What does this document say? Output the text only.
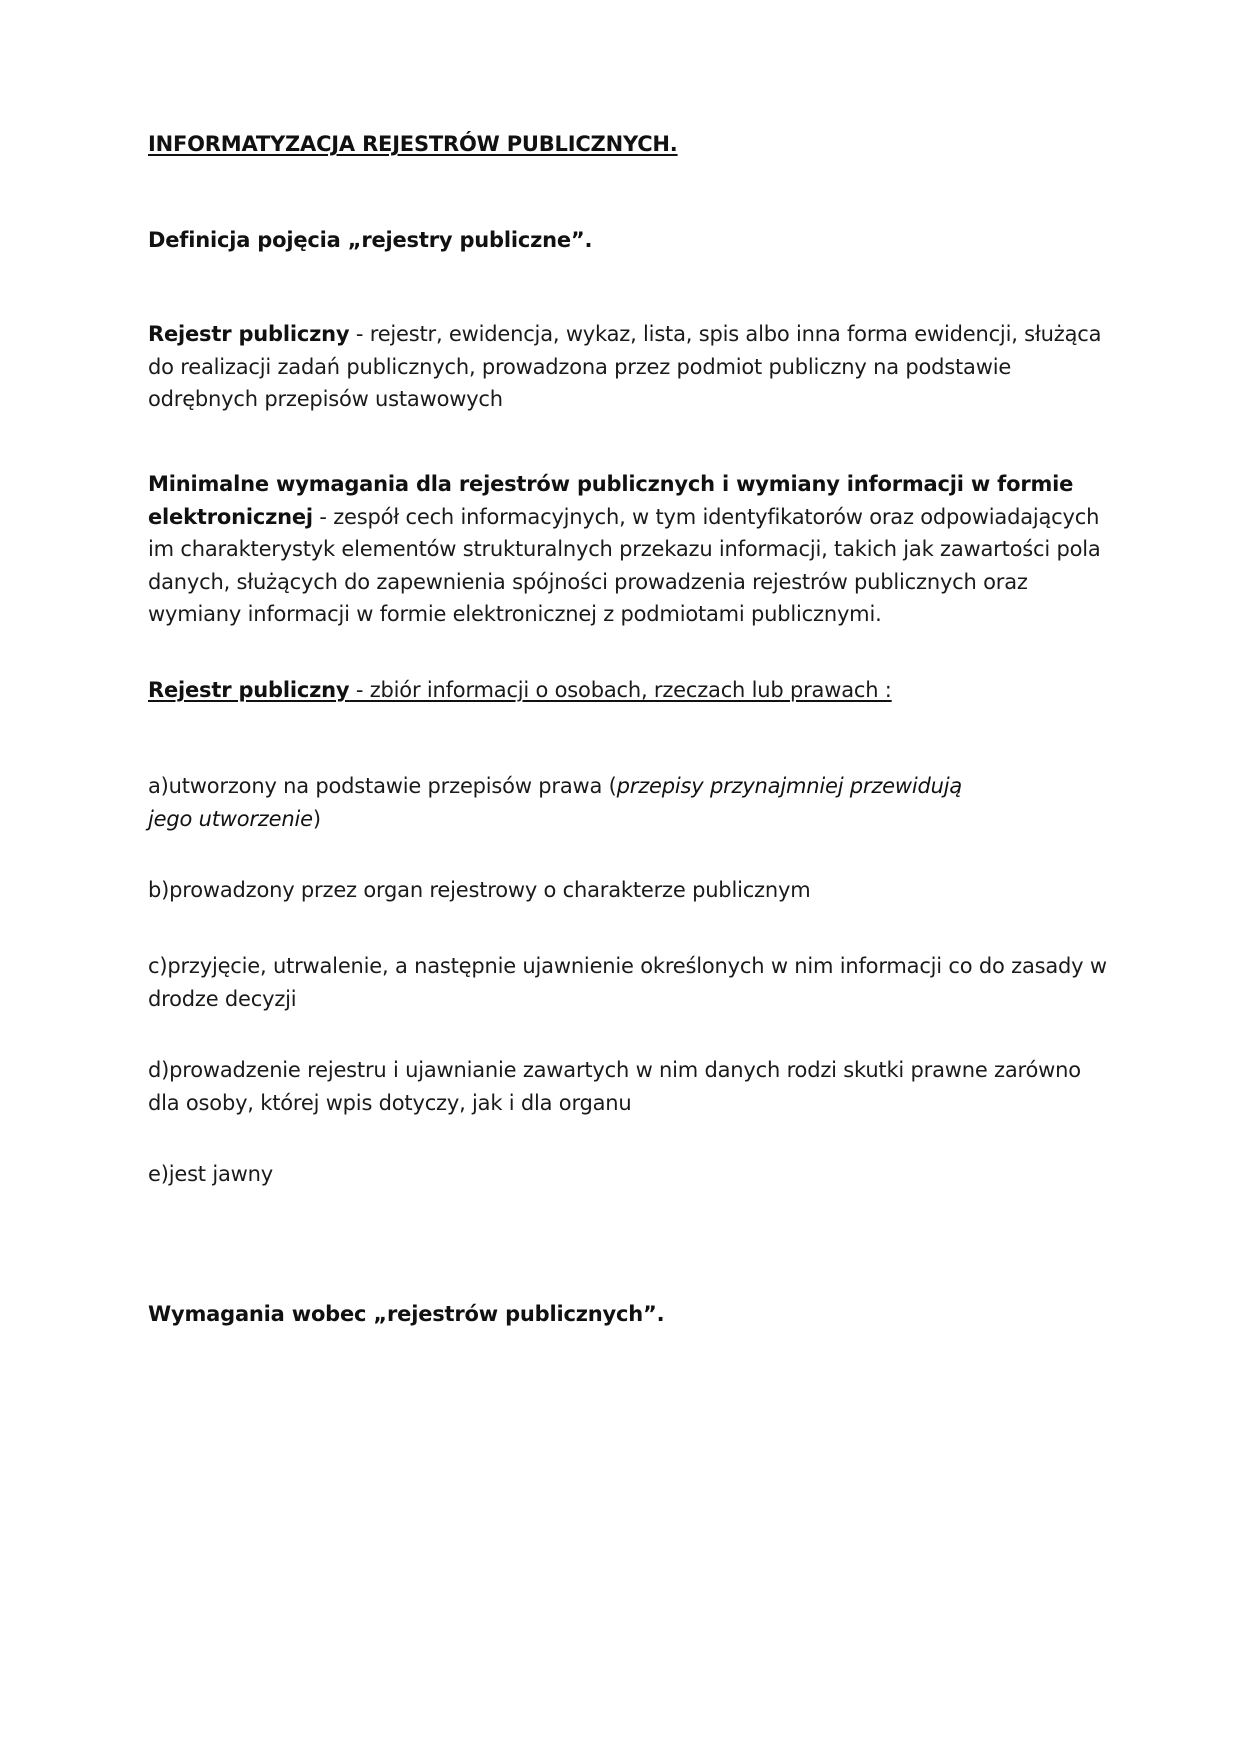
INFORMATYZACJA REJESTRÓW PUBLICZNYCH.
Definicja pojęcia „rejestry publiczne”.
Rejestr publiczny - rejestr, ewidencja, wykaz, lista, spis albo inna forma ewidencji, służąca do realizacji zadań publicznych, prowadzona przez podmiot publiczny na podstawie odrębnych przepisów ustawowych
Minimalne wymagania dla rejestrów publicznych i wymiany informacji w formie elektronicznej - zespół cech informacyjnych, w tym identyfikatorów oraz odpowiadających im charakterystyk elementów strukturalnych przekazu informacji, takich jak zawartości pola danych, służących do zapewnienia spójności prowadzenia rejestrów publicznych oraz wymiany informacji w formie elektronicznej z podmiotami publicznymi.
Rejestr publiczny - zbiór informacji o osobach, rzeczach lub prawach :
a)utworzony na podstawie przepisów prawa (przepisy przynajmniej przewidują jego utworzenie)
b)prowadzony przez organ rejestrowy o charakterze publicznym
c)przyjęcie, utrwalenie, a następnie ujawnienie określonych w nim informacji co do zasady w drodze decyzji
d)prowadzenie rejestru i ujawnianie zawartych w nim danych rodzi skutki prawne zarówno dla osoby, której wpis dotyczy, jak i dla organu
e)jest jawny
Wymagania wobec „rejestrów publicznych”.
